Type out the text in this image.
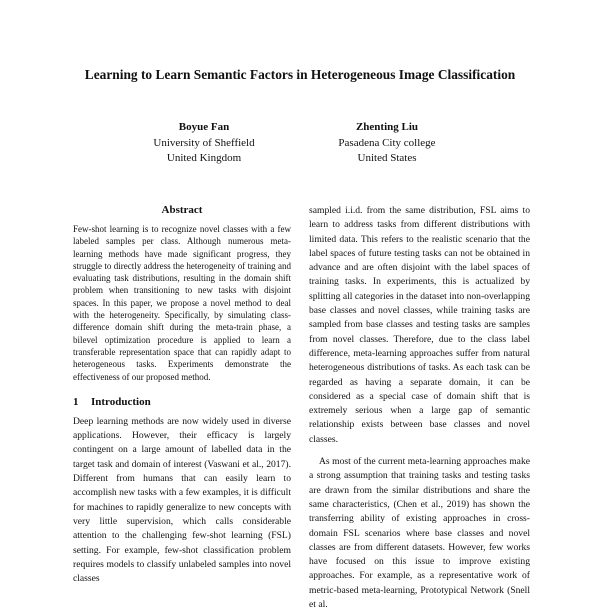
Learning to Learn Semantic Factors in Heterogeneous Image Classification
Boyue Fan
University of Sheffield
United Kingdom
Zhenting Liu
Pasadena City college
United States
Abstract

Few-shot learning is to recognize novel classes with a few labeled samples per class. Although numerous meta-learning methods have made significant progress, they struggle to directly address the heterogeneity of training and evaluating task distributions, resulting in the domain shift problem when transitioning to new tasks with disjoint spaces. In this paper, we propose a novel method to deal with the heterogeneity. Specifically, by simulating class-difference domain shift during the meta-train phase, a bilevel optimization procedure is applied to learn a transferable representation space that can rapidly adapt to heterogeneous tasks. Experiments demonstrate the effectiveness of our proposed method.

1 Introduction

Deep learning methods are now widely used in diverse applications. However, their efficacy is largely contingent on a large amount of labelled data in the target task and domain of interest (Vaswani et al., 2017). Different from humans that can easily learn to accomplish new tasks with a few examples, it is difficult for machines to rapidly generalize to new concepts with very little supervision, which calls considerable attention to the challenging few-shot learning (FSL) setting. For example, few-shot classification problem requires models to classify unlabeled samples into novel classes

sampled i.i.d. from the same distribution, FSL aims to learn to address tasks from different distributions with limited data. This refers to the realistic scenario that the label spaces of future testing tasks can not be obtained in advance and are often disjoint with the label spaces of training tasks. In experiments, this is actualized by splitting all categories in the dataset into non-overlapping base classes and novel classes, while training tasks are sampled from base classes and testing tasks are samples from novel classes. Therefore, due to the class label difference, meta-learning approaches suffer from natural heterogeneous distributions of tasks. As each task can be regarded as having a separate domain, it can be considered as a special case of domain shift that is extremely serious when a large gap of semantic relationship exists between base classes and novel classes.

As most of the current meta-learning approaches make a strong assumption that training tasks and testing tasks are drawn from the similar distributions and share the same characteristics, (Chen et al., 2019) has shown the transferring ability of existing approaches in cross-domain FSL scenarios where base classes and novel classes are from different datasets. However, few works have focused on this issue to improve existing approaches. For example, as a representative work of metric-based meta-learning, Prototypical Network (Snell et al.
